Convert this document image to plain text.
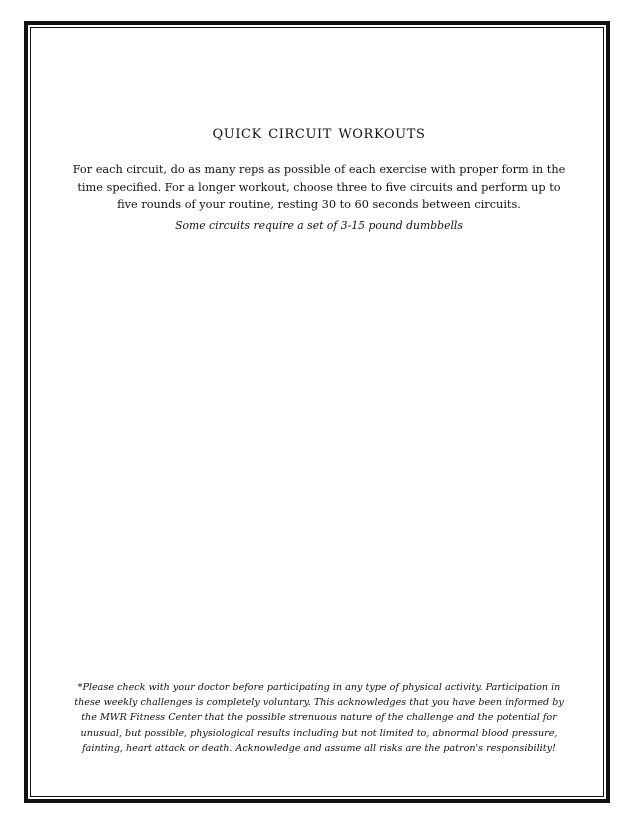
quick circuit workouts

For each circuit, do as many reps as possible of each exercise with proper form in the time specified. For a longer workout, choose three to five circuits and perform up to five rounds of your routine, resting 30 to 60 seconds between circuits.

Some circuits require a set of 3-15 pound dumbbells

*Please check with your doctor before participating in any type of physical activity. Participation in these weekly challenges is completely voluntary. This acknowledges that you have been informed by the MWR Fitness Center that the possible strenuous nature of the challenge and the potential for unusual, but possible, physiological results including but not limited to, abnormal blood pressure, fainting, heart attack or death. Acknowledge and assume all risks are the patron's responsibility!
